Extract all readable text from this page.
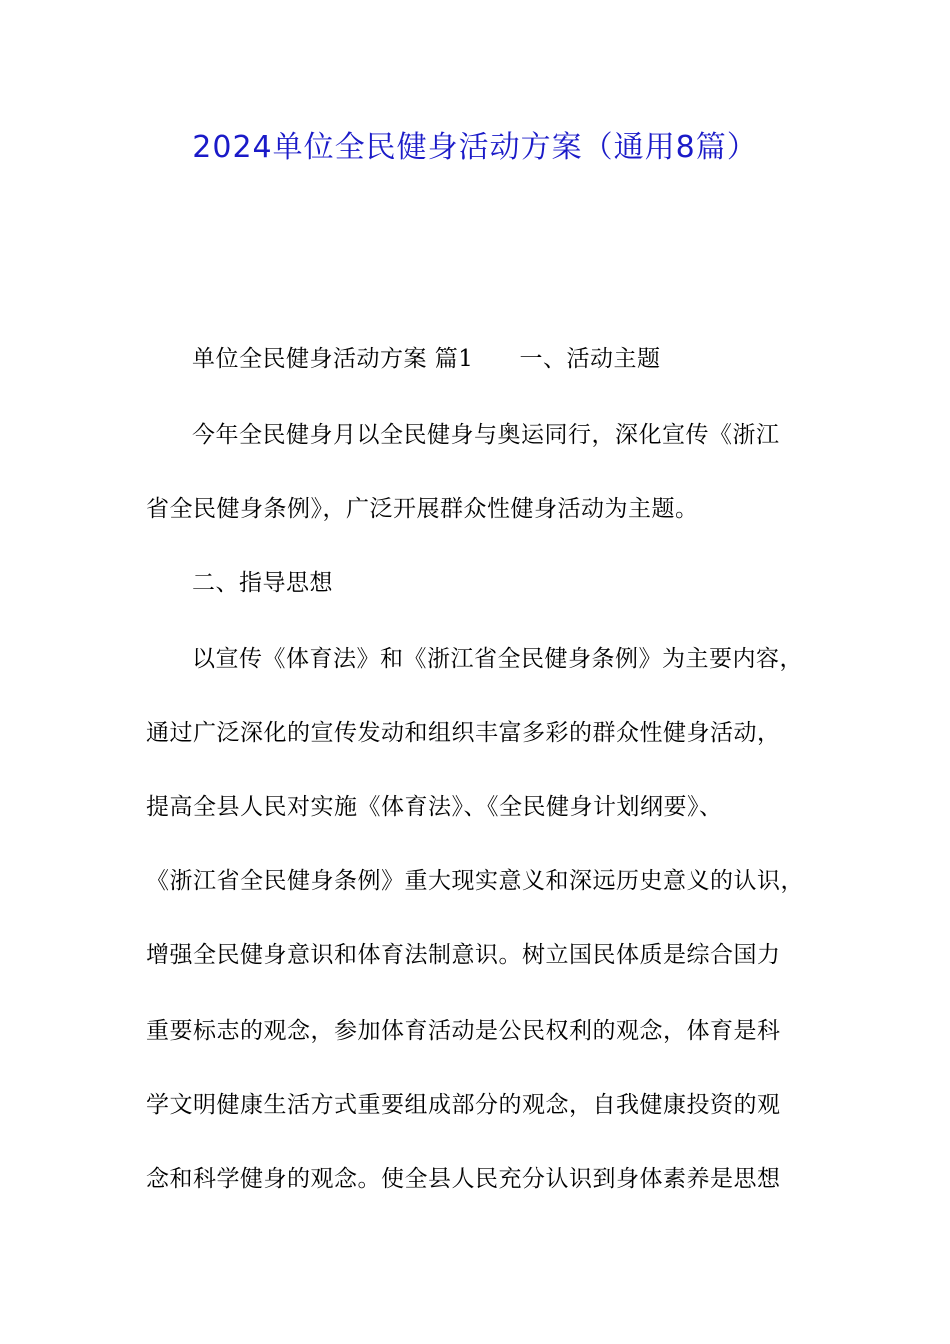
2024单位全民健身活动方案（通用8篇）
单位全民健身活动方案 篇1 一、活动主题
今年全民健身月以全民健身与奥运同行，深化宣传《浙江
省全民健身条例》，广泛开展群众性健身活动为主题。
二、指导思想
以宣传《体育法》和《浙江省全民健身条例》为主要内容，
通过广泛深化的宣传发动和组织丰富多彩的群众性健身活动，
提高全县人民对实施《体育法》、《全民健身计划纲要》、
《浙江省全民健身条例》重大现实意义和深远历史意义的认识，
增强全民健身意识和体育法制意识。树立国民体质是综合国力
重要标志的观念，参加体育活动是公民权利的观念，体育是科
学文明健康生活方式重要组成部分的观念，自我健康投资的观
念和科学健身的观念。使全县人民充分认识到身体素养是思想
